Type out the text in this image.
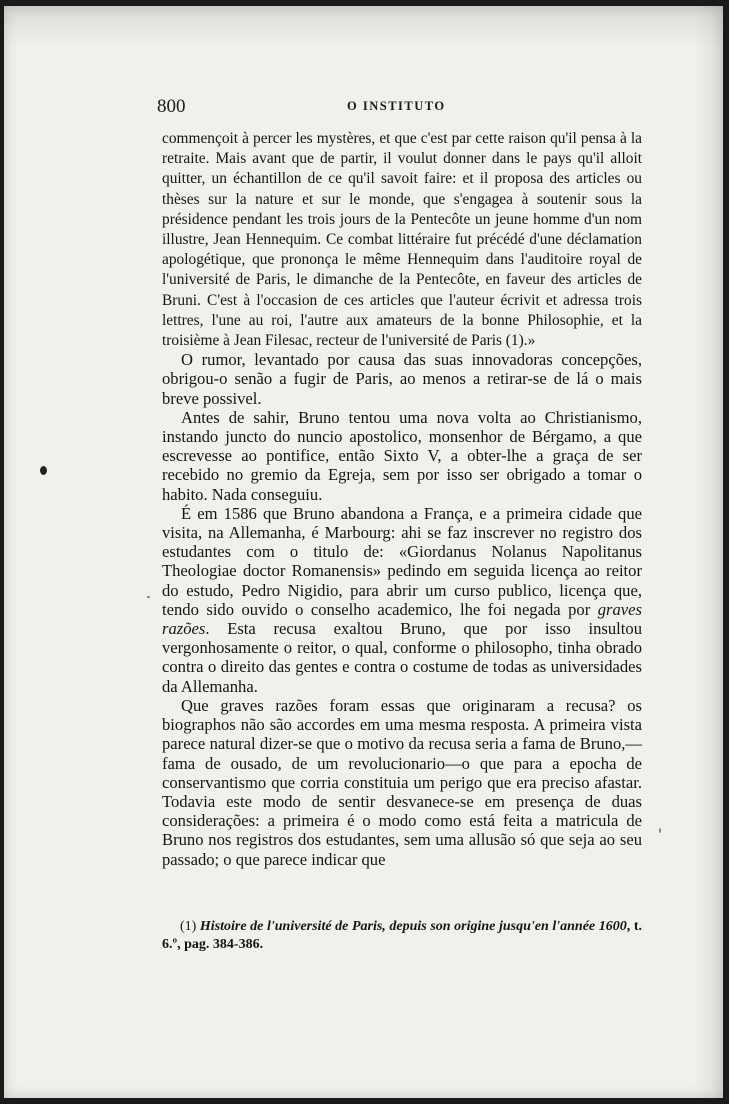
800	O INSTITUTO

commençoit à percer les mystères, et que c'est par cette raison qu'il pensa à la retraite. Mais avant que de partir, il voulut donner dans le pays qu'il alloit quitter, un échantillon de ce qu'il savoit faire: et il proposa des articles ou thèses sur la nature et sur le monde, que s'engagea à soutenir sous la présidence pendant les trois jours de la Pentecôte un jeune homme d'un nom illustre, Jean Hennequim. Ce combat littéraire fut précédé d'une déclamation apologétique, que prononça le même Hennequim dans l'auditoire royal de l'université de Paris, le dimanche de la Pentecôte, en faveur des articles de Bruni. C'est à l'occasion de ces articles que l'auteur écrivit et adressa trois lettres, l'une au roi, l'autre aux amateurs de la bonne Philosophie, et la troisième à Jean Filesac, recteur de l'université de Paris (1).»

O rumor, levantado por causa das suas innovadoras concepções, obrigou-o senão a fugir de Paris, ao menos a retirar-se de lá o mais breve possivel.

Antes de sahir, Bruno tentou uma nova volta ao Christianismo, instando juncto do nuncio apostolico, monsenhor de Bérgamo, a que escrevesse ao pontifice, então Sixto V, a obter-lhe a graça de ser recebido no gremio da Egreja, sem por isso ser obrigado a tomar o habito. Nada conseguiu.

É em 1586 que Bruno abandona a França, e a primeira cidade que visita, na Allemanha, é Marbourg: ahi se faz inscrever no registro dos estudantes com o titulo de: «Giordanus Nolanus Napolitanus Theologiae doctor Romanensis» pedindo em seguida licença ao reitor do estudo, Pedro Nigidio, para abrir um curso publico, licença que, tendo sido ouvido o conselho academico, lhe foi negada por graves razões. Esta recusa exaltou Bruno, que por isso insultou vergonhosamente o reitor, o qual, conforme o philosopho, tinha obrado contra o direito das gentes e contra o costume de todas as universidades da Allemanha.

Que graves razões foram essas que originaram a recusa? os biographos não são accordes em uma mesma resposta. A primeira vista parece natural dizer-se que o motivo da recusa seria a fama de Bruno,—fama de ousado, de um revolucionario—o que para a epocha de conservantismo que corria constituia um perigo que era preciso afastar. Todavia este modo de sentir desvanece-se em presença de duas considerações: a primeira é o modo como está feita a matricula de Bruno nos registros dos estudantes, sem uma allusão só que seja ao seu passado; o que parece indicar que

(1) Histoire de l'université de Paris, depuis son origine jusqu'en l'année 1600, t. 6.º, pag. 384-386.
